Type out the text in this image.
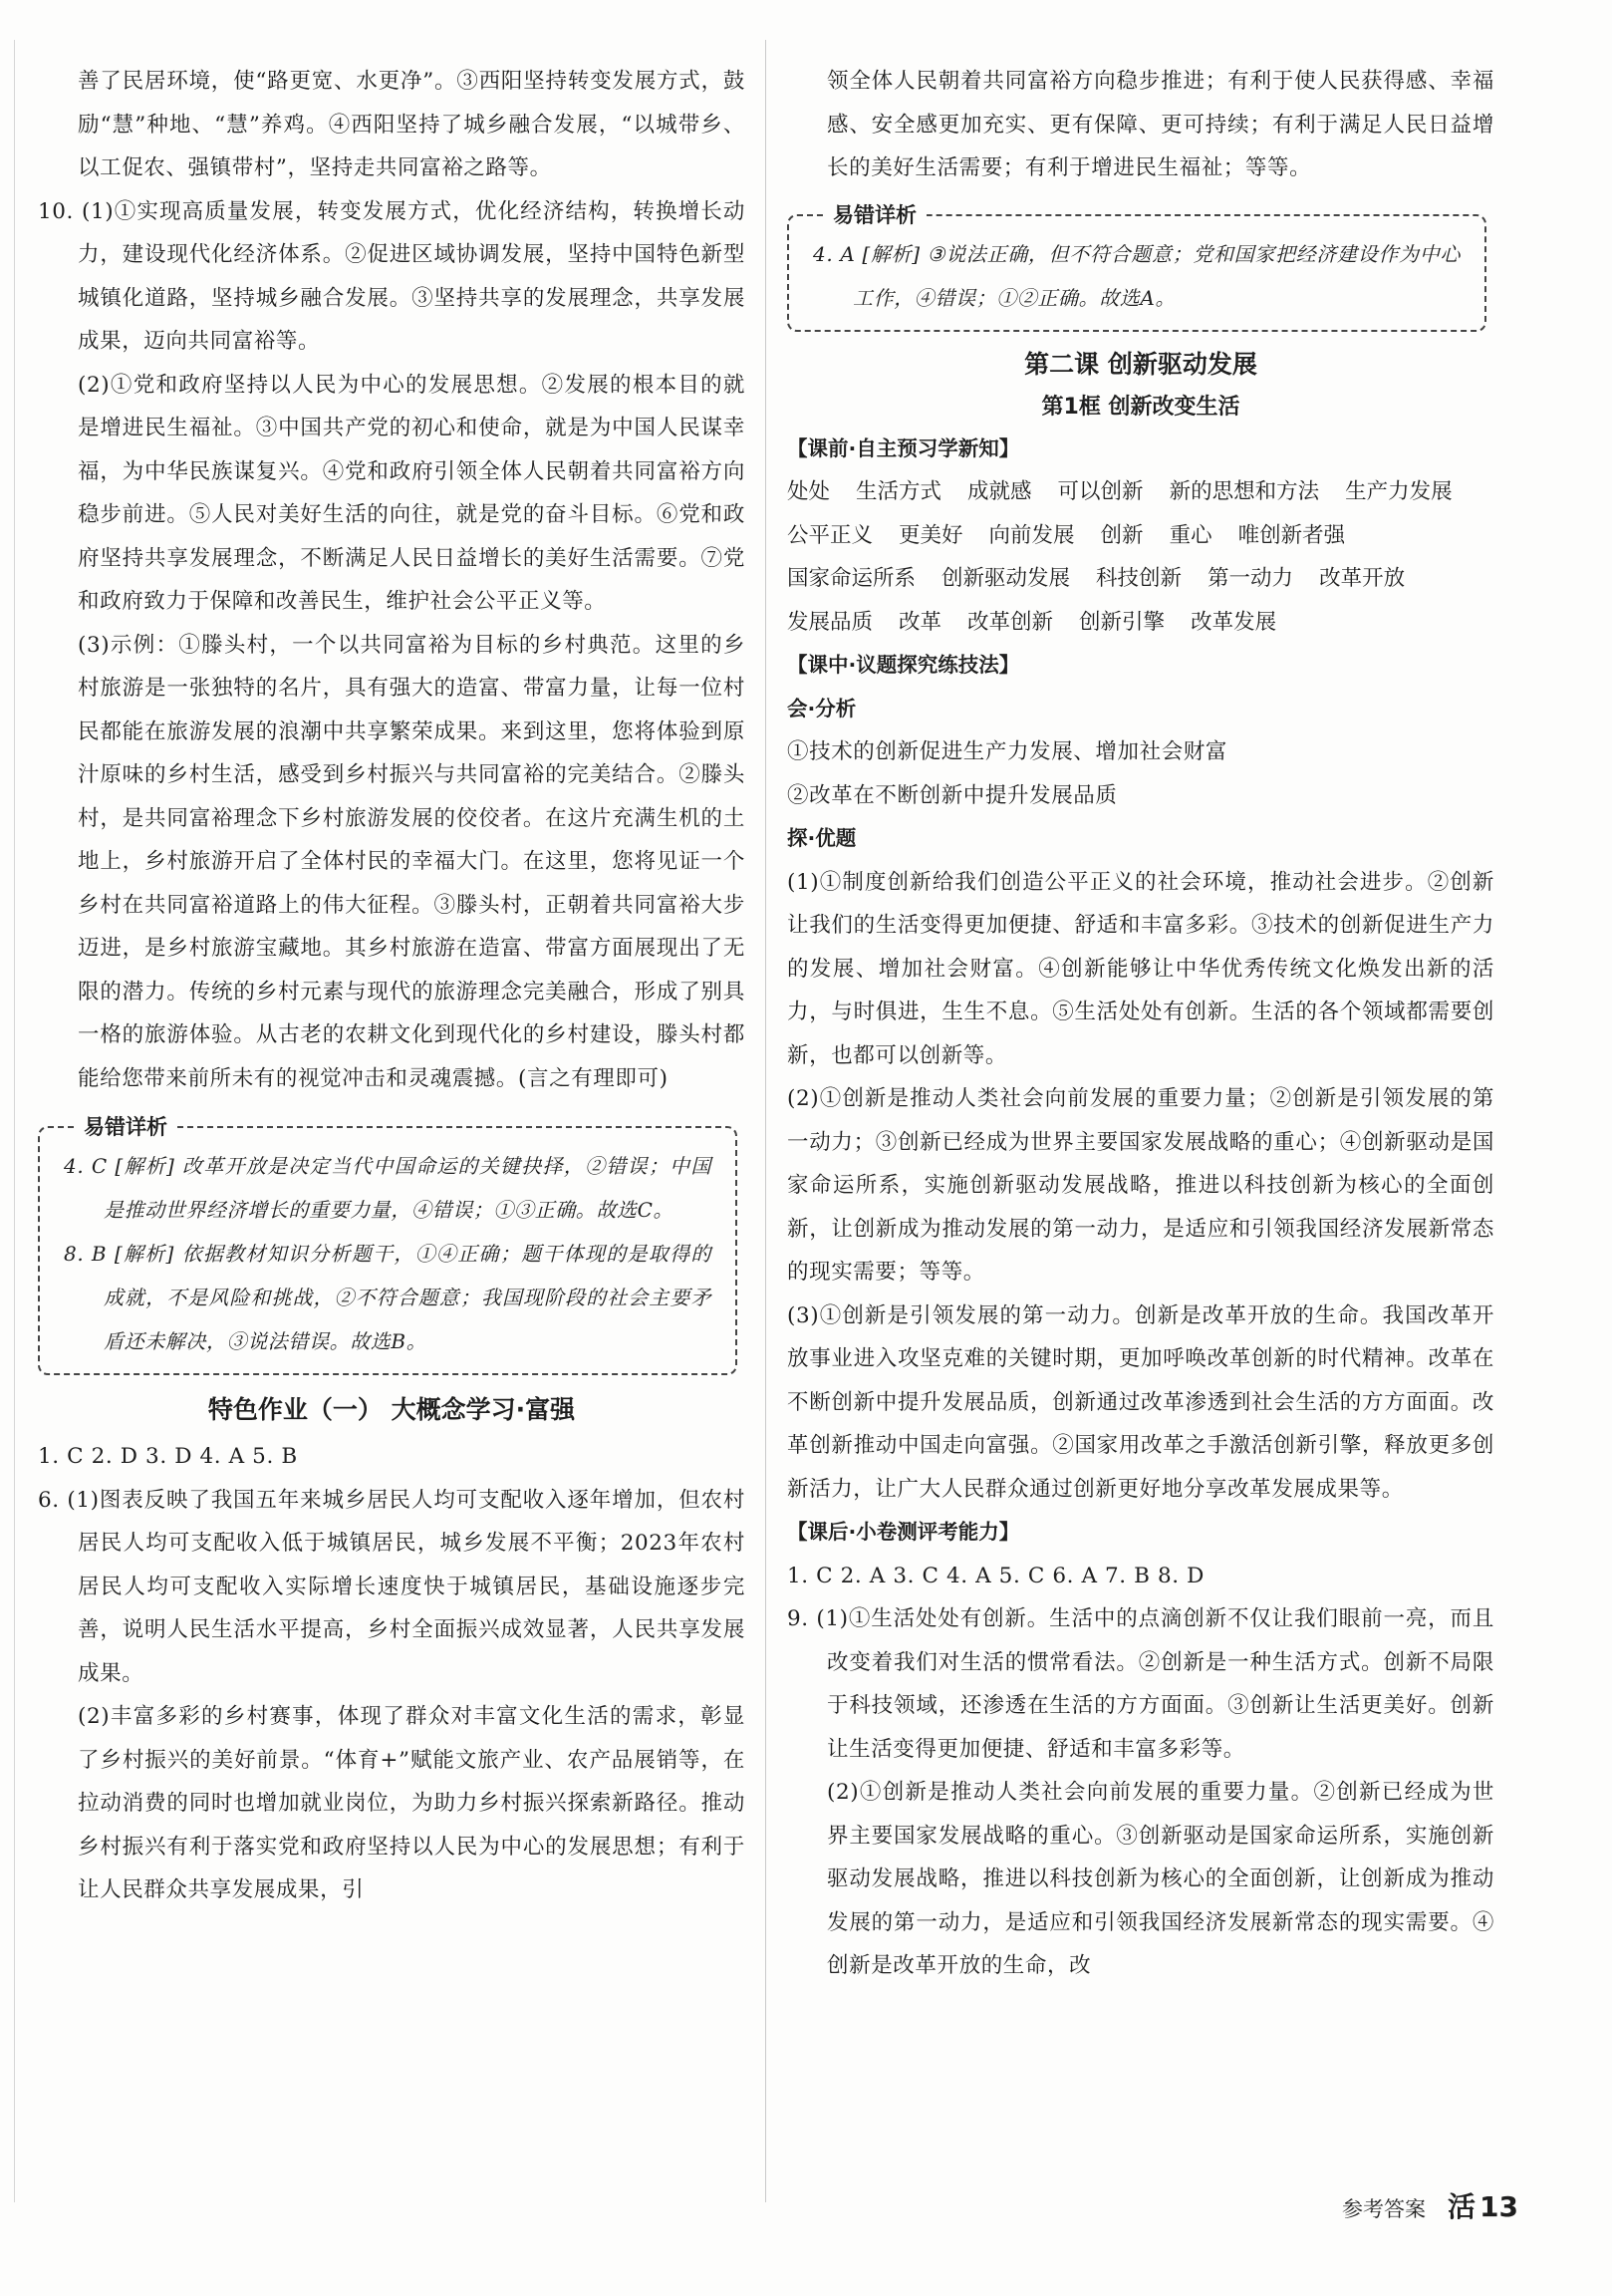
善了民居环境，使“路更宽、水更净”。③西阳坚持转变发展方式，鼓励“慧”种地、“慧”养鸡。④西阳坚持了城乡融合发展，“以城带乡、以工促农、强镇带村”，坚持走共同富裕之路等。

10. (1)①实现高质量发展，转变发展方式，优化经济结构，转换增长动力，建设现代化经济体系。②促进区域协调发展，坚持中国特色新型城镇化道路，坚持城乡融合发展。③坚持共享的发展理念，共享发展成果，迈向共同富裕等。

(2)①党和政府坚持以人民为中心的发展思想。②发展的根本目的就是增进民生福祉。③中国共产党的初心和使命，就是为中国人民谋幸福，为中华民族谋复兴。④党和政府引领全体人民朝着共同富裕方向稳步前进。⑤人民对美好生活的向往，就是党的奋斗目标。⑥党和政府坚持共享发展理念，不断满足人民日益增长的美好生活需要。⑦党和政府致力于保障和改善民生，维护社会公平正义等。

(3)示例：①滕头村，一个以共同富裕为目标的乡村典范。这里的乡村旅游是一张独特的名片，具有强大的造富、带富力量，让每一位村民都能在旅游发展的浪潮中共享繁荣成果。来到这里，您将体验到原汁原味的乡村生活，感受到乡村振兴与共同富裕的完美结合。②滕头村，是共同富裕理念下乡村旅游发展的佼佼者。在这片充满生机的土地上，乡村旅游开启了全体村民的幸福大门。在这里，您将见证一个乡村在共同富裕道路上的伟大征程。③滕头村，正朝着共同富裕大步迈进，是乡村旅游宝藏地。其乡村旅游在造富、带富方面展现出了无限的潜力。传统的乡村元素与现代的旅游理念完美融合，形成了别具一格的旅游体验。从古老的农耕文化到现代化的乡村建设，滕头村都能给您带来前所未有的视觉冲击和灵魂震撼。(言之有理即可)

易错详析

4. C [解析] 改革开放是决定当代中国命运的关键抉择，②错误；中国是推动世界经济增长的重要力量，④错误；①③正确。故选C。

8. B [解析] 依据教材知识分析题干，①④正确；题干体现的是取得的成就，不是风险和挑战，②不符合题意；我国现阶段的社会主要矛盾还未解决，③说法错误。故选B。

特色作业（一） 大概念学习·富强

1. C 2. D 3. D 4. A 5. B

6. (1)图表反映了我国五年来城乡居民人均可支配收入逐年增加，但农村居民人均可支配收入低于城镇居民，城乡发展不平衡；2023年农村居民人均可支配收入实际增长速度快于城镇居民，基础设施逐步完善，说明人民生活水平提高，乡村全面振兴成效显著，人民共享发展成果。

(2)丰富多彩的乡村赛事，体现了群众对丰富文化生活的需求，彰显了乡村振兴的美好前景。“体育+”赋能文旅产业、农产品展销等，在拉动消费的同时也增加就业岗位，为助力乡村振兴探索新路径。推动乡村振兴有利于落实党和政府坚持以人民为中心的发展思想；有利于让人民群众共享发展成果，引

领全体人民朝着共同富裕方向稳步推进；有利于使人民获得感、幸福感、安全感更加充实、更有保障、更可持续；有利于满足人民日益增长的美好生活需要；有利于增进民生福祉；等等。

易错详析

4. A [解析] ③说法正确，但不符合题意；党和国家把经济建设作为中心工作，④错误；①②正确。故选A。

第二课 创新驱动发展
第1框 创新改变生活
【课前·自主预习学新知】
处处 生活方式 成就感 可以创新 新的思想和方法 生产力发展
公平正义 更美好 向前发展 创新 重心 唯创新者强
国家命运所系 创新驱动发展 科技创新 第一动力 改革开放
发展品质 改革 改革创新 创新引擎 改革发展
【课中·议题探究练技法】
会·分析

①技术的创新促进生产力发展、增加社会财富

②改革在不断创新中提升发展品质

探·优题

(1)①制度创新给我们创造公平正义的社会环境，推动社会进步。②创新让我们的生活变得更加便捷、舒适和丰富多彩。③技术的创新促进生产力的发展、增加社会财富。④创新能够让中华优秀传统文化焕发出新的活力，与时俱进，生生不息。⑤生活处处有创新。生活的各个领域都需要创新，也都可以创新等。

(2)①创新是推动人类社会向前发展的重要力量；②创新是引领发展的第一动力；③创新已经成为世界主要国家发展战略的重心；④创新驱动是国家命运所系，实施创新驱动发展战略，推进以科技创新为核心的全面创新，让创新成为推动发展的第一动力，是适应和引领我国经济发展新常态的现实需要；等等。

(3)①创新是引领发展的第一动力。创新是改革开放的生命。我国改革开放事业进入攻坚克难的关键时期，更加呼唤改革创新的时代精神。改革在不断创新中提升发展品质，创新通过改革渗透到社会生活的方方面面。改革创新推动中国走向富强。②国家用改革之手激活创新引擎，释放更多创新活力，让广大人民群众通过创新更好地分享改革发展成果等。

【课后·小卷测评考能力】

1. C 2. A 3. C 4. A 5. C 6. A 7. B 8. D

9. (1)①生活处处有创新。生活中的点滴创新不仅让我们眼前一亮，而且改变着我们对生活的惯常看法。②创新是一种生活方式。创新不局限于科技领域，还渗透在生活的方方面面。③创新让生活更美好。创新让生活变得更加便捷、舒适和丰富多彩等。

(2)①创新是推动人类社会向前发展的重要力量。②创新已经成为世界主要国家发展战略的重心。③创新驱动是国家命运所系，实施创新驱动发展战略，推进以科技创新为核心的全面创新，让创新成为推动发展的第一动力，是适应和引领我国经济发展新常态的现实需要。④创新是改革开放的生命，改

参考答案 活 13
